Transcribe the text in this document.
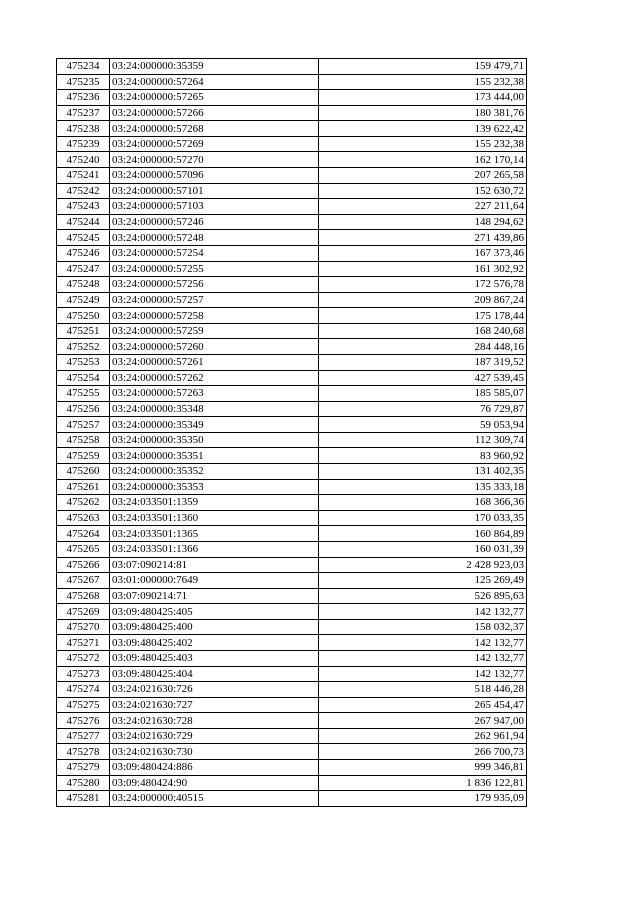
475234	03:24:000000:35359	159 479,71
475235	03:24:000000:57264	155 232,38
475236	03:24:000000:57265	173 444,00
475237	03:24:000000:57266	180 381,76
475238	03:24:000000:57268	139 622,42
475239	03:24:000000:57269	155 232,38
475240	03:24:000000:57270	162 170,14
475241	03:24:000000:57096	207 265,58
475242	03:24:000000:57101	152 630,72
475243	03:24:000000:57103	227 211,64
475244	03:24:000000:57246	148 294,62
475245	03:24:000000:57248	271 439,86
475246	03:24:000000:57254	167 373,46
475247	03:24:000000:57255	161 302,92
475248	03:24:000000:57256	172 576,78
475249	03:24:000000:57257	209 867,24
475250	03:24:000000:57258	175 178,44
475251	03:24:000000:57259	168 240,68
475252	03:24:000000:57260	284 448,16
475253	03:24:000000:57261	187 319,52
475254	03:24:000000:57262	427 539,45
475255	03:24:000000:57263	185 585,07
475256	03:24:000000:35348	76 729,87
475257	03:24:000000:35349	59 053,94
475258	03:24:000000:35350	112 309,74
475259	03:24:000000:35351	83 960,92
475260	03:24:000000:35352	131 402,35
475261	03:24:000000:35353	135 333,18
475262	03:24:033501:1359	168 366,36
475263	03:24:033501:1360	170 033,35
475264	03:24:033501:1365	160 864,89
475265	03:24:033501:1366	160 031,39
475266	03:07:090214:81	2 428 923,03
475267	03:01:000000:7649	125 269,49
475268	03:07:090214:71	526 895,63
475269	03:09:480425:405	142 132,77
475270	03:09:480425:400	158 032,37
475271	03:09:480425:402	142 132,77
475272	03:09:480425:403	142 132,77
475273	03:09:480425:404	142 132,77
475274	03:24:021630:726	518 446,28
475275	03:24:021630:727	265 454,47
475276	03:24:021630:728	267 947,00
475277	03:24:021630:729	262 961,94
475278	03:24:021630:730	266 700,73
475279	03:09:480424:886	999 346,81
475280	03:09:480424:90	1 836 122,81
475281	03:24:000000:40515	179 935,09
